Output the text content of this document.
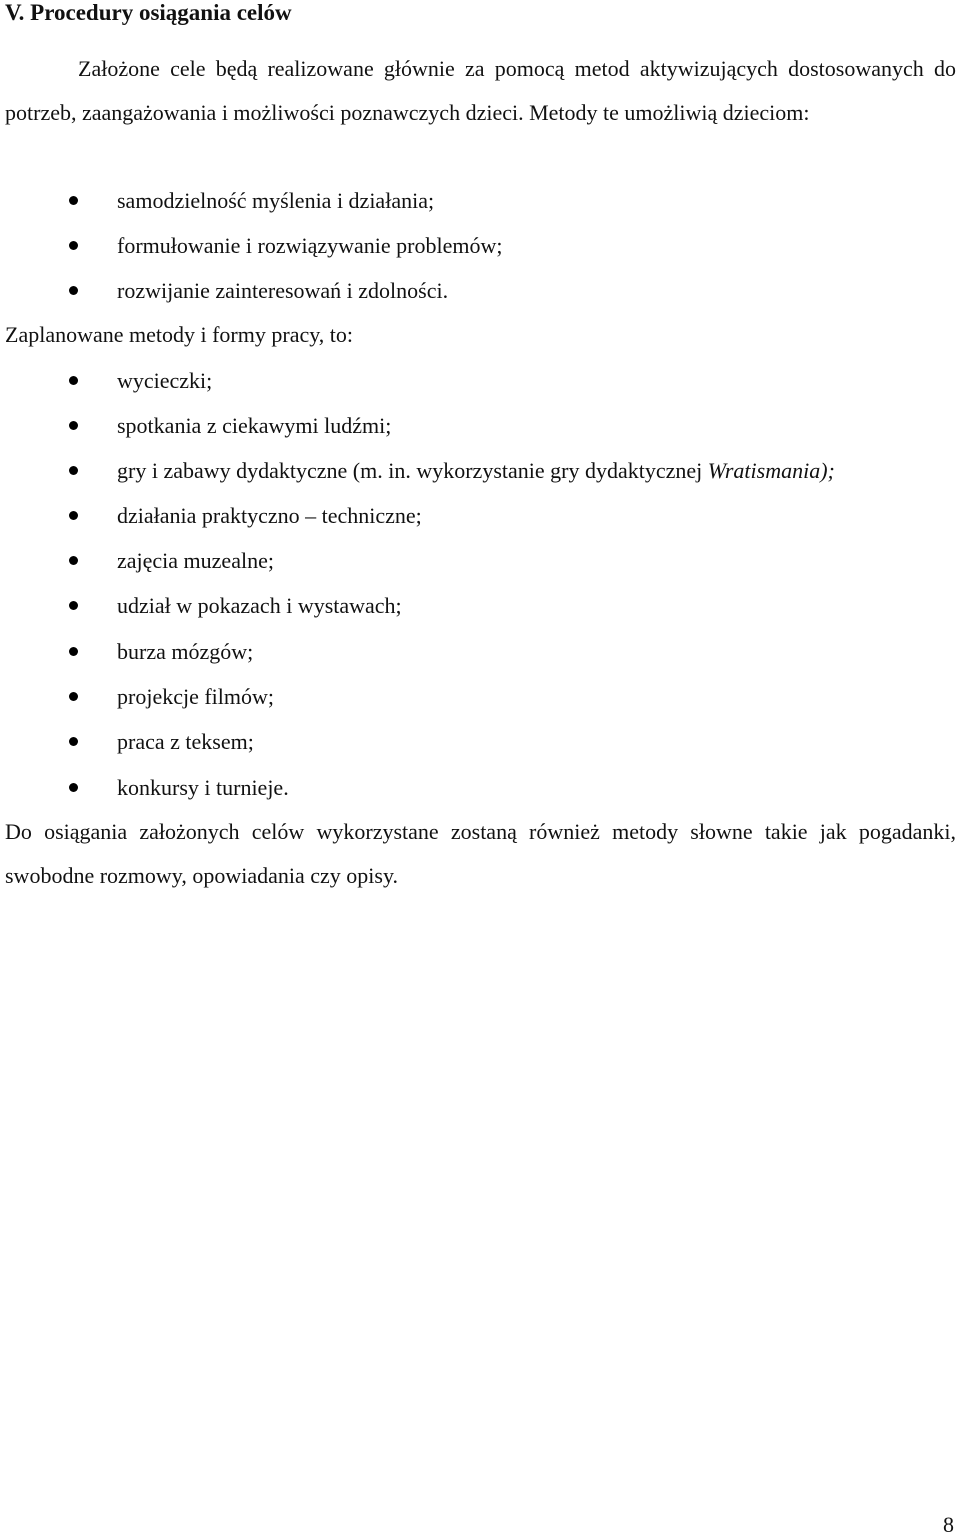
V. Procedury osiągania celów
Założone cele będą realizowane głównie za pomocą metod aktywizujących dostosowanych do potrzeb, zaangażowania i możliwości poznawczych dzieci. Metody te umożliwią dzieciom:
samodzielność myślenia i działania;
formułowanie i rozwiązywanie problemów;
rozwijanie zainteresowań i zdolności.
Zaplanowane metody i formy pracy, to:
wycieczki;
spotkania z ciekawymi ludźmi;
gry i zabawy dydaktyczne (m. in. wykorzystanie gry dydaktycznej Wratismania);
działania praktyczno – techniczne;
zajęcia muzealne;
udział w pokazach i wystawach;
burza mózgów;
projekcje filmów;
praca z teksem;
konkursy i turnieje.
Do osiągania założonych celów wykorzystane zostaną również metody słowne takie jak pogadanki, swobodne rozmowy, opowiadania czy opisy.
8
